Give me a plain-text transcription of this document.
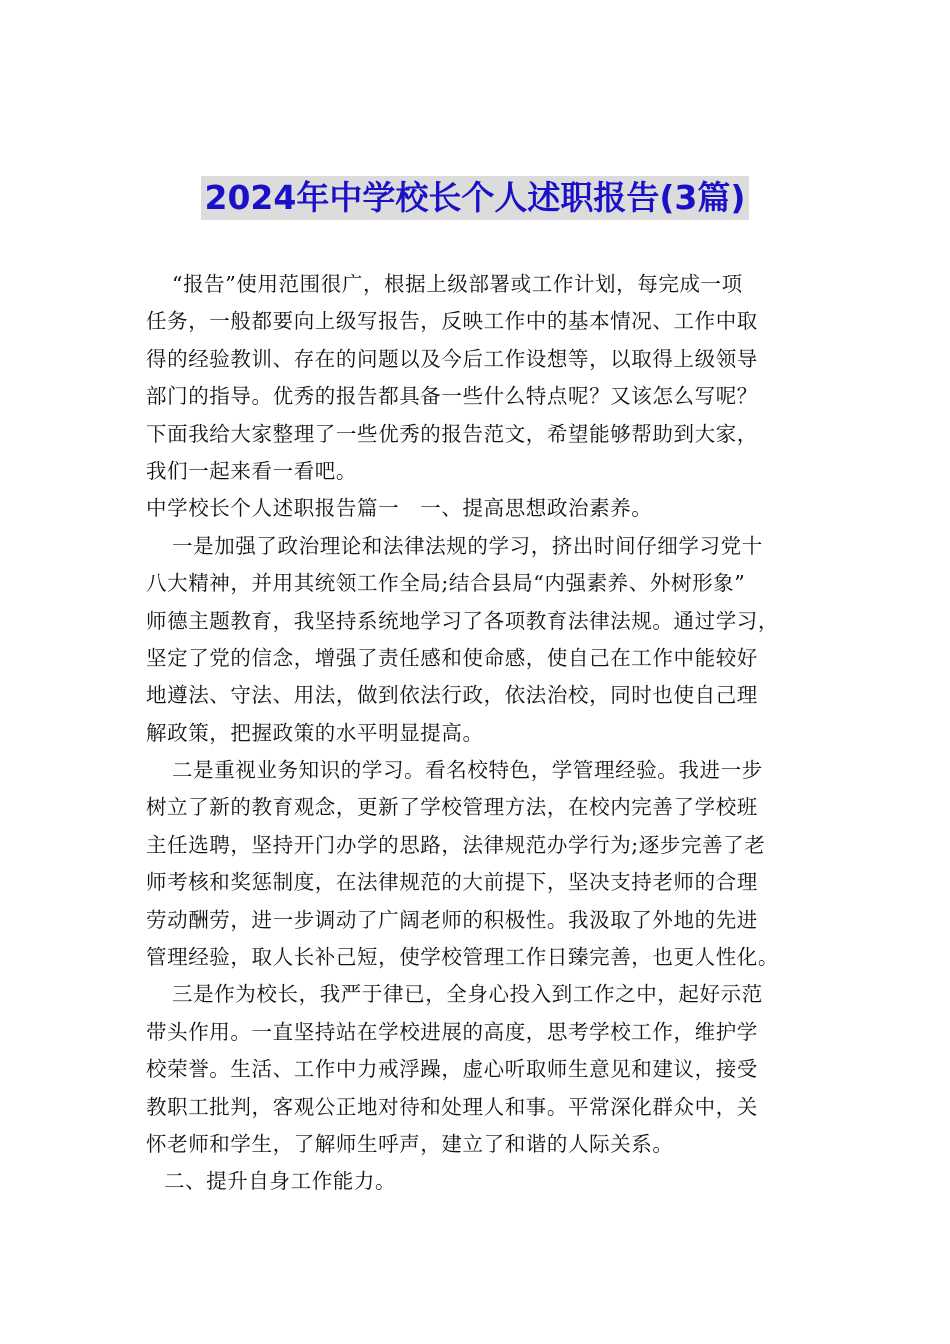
2024年中学校长个人述职报告(3篇)
“报告”使用范围很广，根据上级部署或工作计划，每完成一项
任务，一般都要向上级写报告，反映工作中的基本情况、工作中取
得的经验教训、存在的问题以及今后工作设想等，以取得上级领导
部门的指导。优秀的报告都具备一些什么特点呢？又该怎么写呢？
下面我给大家整理了一些优秀的报告范文，希望能够帮助到大家，
我们一起来看一看吧。
中学校长个人述职报告篇一　一、提高思想政治素养。
一是加强了政治理论和法律法规的学习，挤出时间仔细学习党十
八大精神，并用其统领工作全局;结合县局“内强素养、外树形象”
师德主题教育，我坚持系统地学习了各项教育法律法规。通过学习，
坚定了党的信念，增强了责任感和使命感，使自己在工作中能较好
地遵法、守法、用法，做到依法行政，依法治校，同时也使自己理
解政策，把握政策的水平明显提高。
二是重视业务知识的学习。看名校特色，学管理经验。我进一步
树立了新的教育观念，更新了学校管理方法，在校内完善了学校班
主任选聘，坚持开门办学的思路，法律规范办学行为;逐步完善了老
师考核和奖惩制度，在法律规范的大前提下，坚决支持老师的合理
劳动酬劳，进一步调动了广阔老师的积极性。我汲取了外地的先进
管理经验，取人长补己短，使学校管理工作日臻完善，也更人性化。
三是作为校长，我严于律已，全身心投入到工作之中，起好示范
带头作用。一直坚持站在学校进展的高度，思考学校工作，维护学
校荣誉。生活、工作中力戒浮躁，虚心听取师生意见和建议，接受
教职工批判，客观公正地对待和处理人和事。平常深化群众中，关
怀老师和学生，了解师生呼声，建立了和谐的人际关系。
二、提升自身工作能力。
